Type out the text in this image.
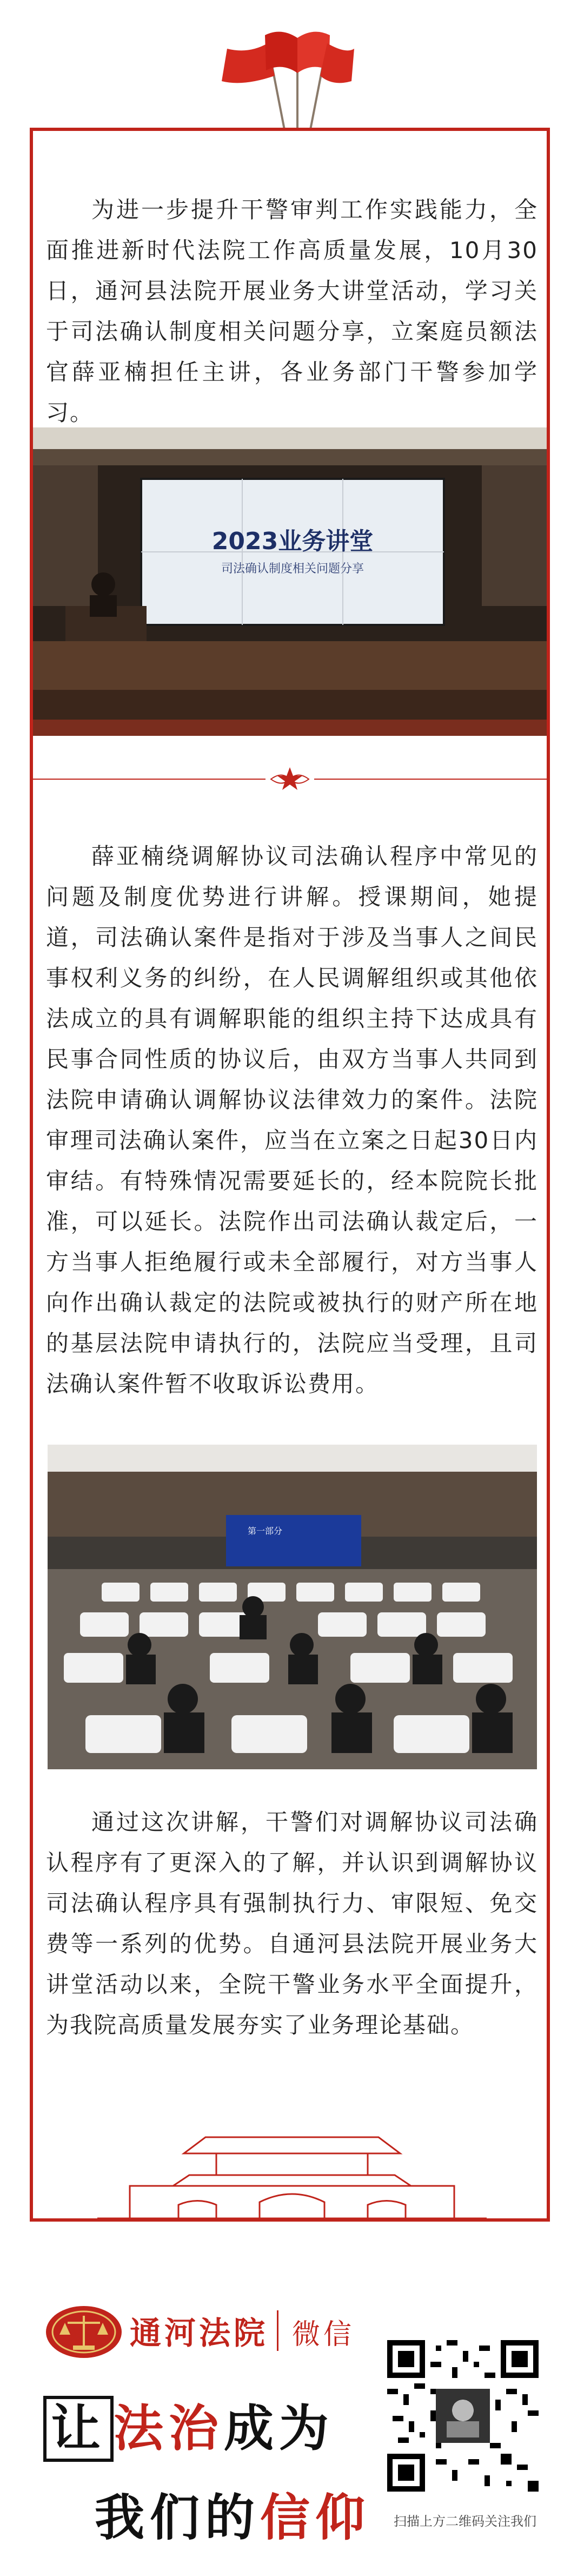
为进一步提升干警审判工作实践能力，全面推进新时代法院工作高质量发展，10月30日，通河县法院开展业务大讲堂活动，学习关于司法确认制度相关问题分享，立案庭员额法官薛亚楠担任主讲，各业务部门干警参加学习。

2023业务讲堂
司法确认制度相关问题分享

薛亚楠绕调解协议司法确认程序中常见的问题及制度优势进行讲解。授课期间，她提道，司法确认案件是指对于涉及当事人之间民事权利义务的纠纷，在人民调解组织或其他依法成立的具有调解职能的组织主持下达成具有民事合同性质的协议后，由双方当事人共同到法院申请确认调解协议法律效力的案件。法院审理司法确认案件，应当在立案之日起30日内审结。有特殊情况需要延长的，经本院院长批准，可以延长。法院作出司法确认裁定后，一方当事人拒绝履行或未全部履行，对方当事人向作出确认裁定的法院或被执行的财产所在地的基层法院申请执行的，法院应当受理，且司法确认案件暂不收取诉讼费用。

第一部分

通过这次讲解，干警们对调解协议司法确认程序有了更深入的了解，并认识到调解协议司法确认程序具有强制执行力、审限短、免交费等一系列的优势。自通河县法院开展业务大讲堂活动以来，全院干警业务水平全面提升，为我院高质量发展夯实了业务理论基础。

通河法院 微信
让 法治成为
我们的信仰	扫描上方二维码关注我们
